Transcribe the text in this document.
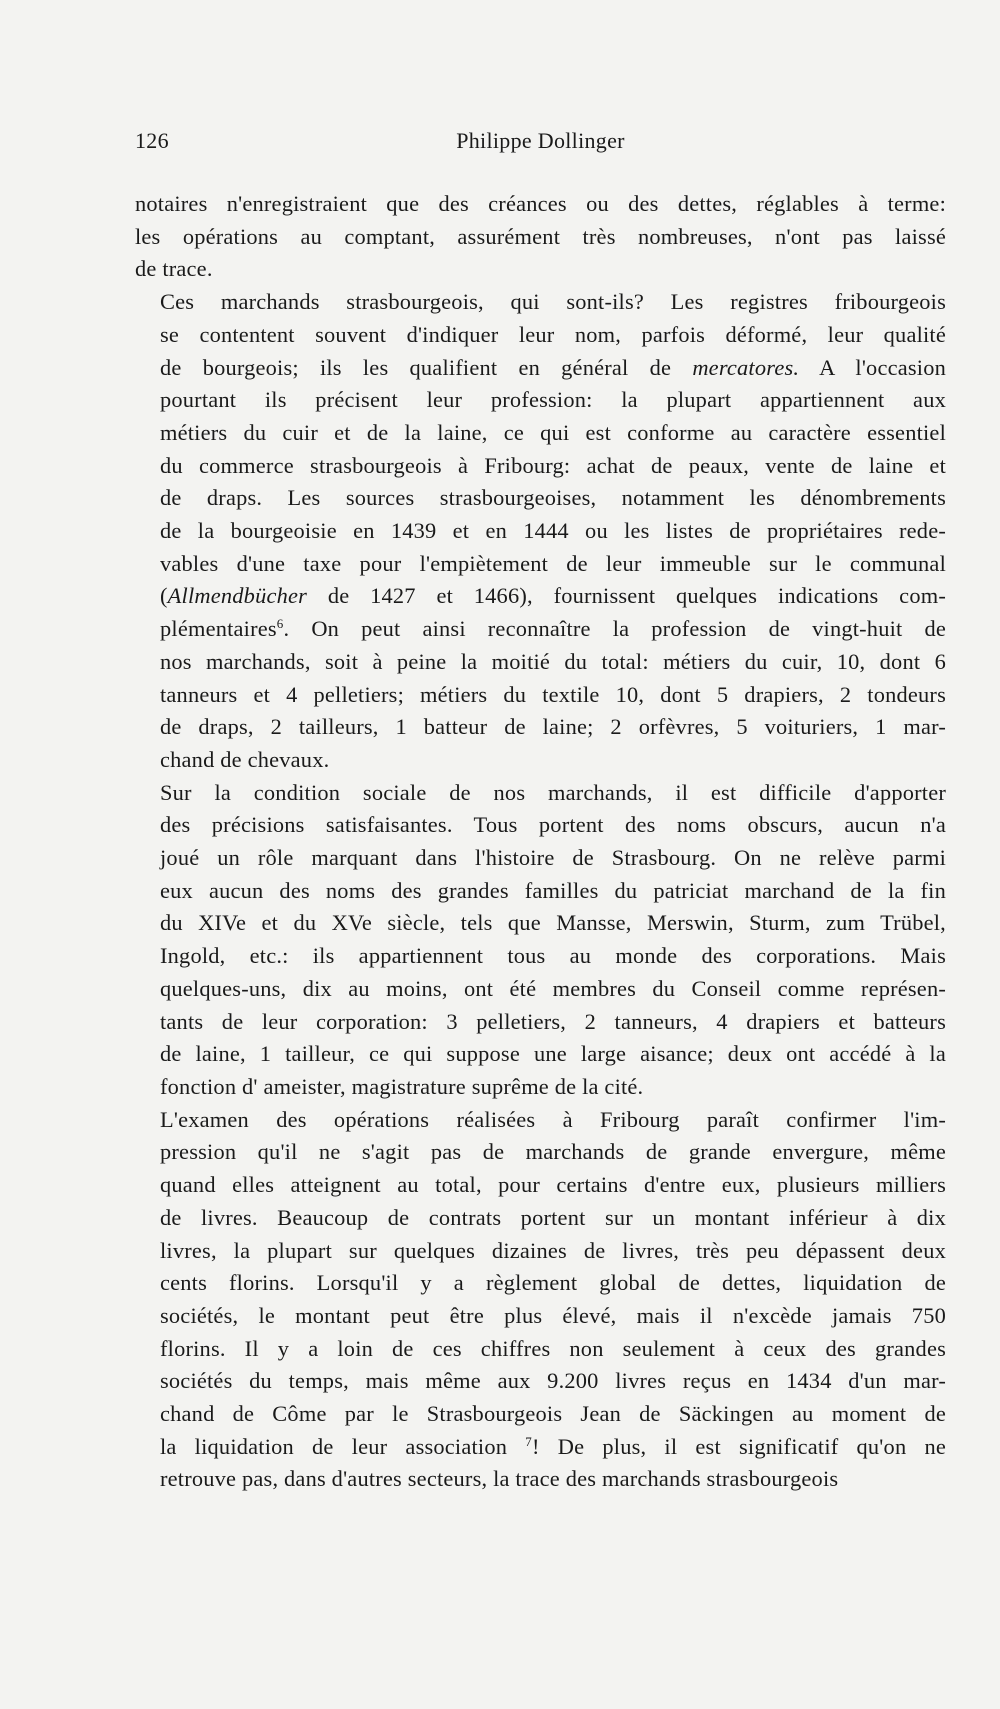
126	Philippe Dollinger

notaires n'enregistraient que des créances ou des dettes, réglables à terme:
les opérations au comptant, assurément très nombreuses, n'ont pas laissé
de trace.

Ces marchands strasbourgeois, qui sont-ils? Les registres fribourgeois
se contentent souvent d'indiquer leur nom, parfois déformé, leur qualité
de bourgeois; ils les qualifient en général de mercatores. A l'occasion
pourtant ils précisent leur profession: la plupart appartiennent aux
métiers du cuir et de la laine, ce qui est conforme au caractère essentiel
du commerce strasbourgeois à Fribourg: achat de peaux, vente de laine et
de draps. Les sources strasbourgeoises, notamment les dénombrements
de la bourgeoisie en 1439 et en 1444 ou les listes de propriétaires rede-
vables d'une taxe pour l'empiètement de leur immeuble sur le communal
(Allmendbücher de 1427 et 1466), fournissent quelques indications com-
plémentaires$^6$. On peut ainsi reconnaître la profession de vingt-huit de
nos marchands, soit à peine la moitié du total: métiers du cuir, 10, dont 6
tanneurs et 4 pelletiers; métiers du textile 10, dont 5 drapiers, 2 tondeurs
de draps, 2 tailleurs, 1 batteur de laine; 2 orfèvres, 5 voituriers, 1 mar-
chand de chevaux.

Sur la condition sociale de nos marchands, il est difficile d'apporter
des précisions satisfaisantes. Tous portent des noms obscurs, aucun n'a
joué un rôle marquant dans l'histoire de Strasbourg. On ne relève parmi
eux aucun des noms des grandes familles du patriciat marchand de la fin
du XIVe et du XVe siècle, tels que Mansse, Merswin, Sturm, zum Trübel,
Ingold, etc.: ils appartiennent tous au monde des corporations. Mais
quelques-uns, dix au moins, ont été membres du Conseil comme représen-
tants de leur corporation: 3 pelletiers, 2 tanneurs, 4 drapiers et batteurs
de laine, 1 tailleur, ce qui suppose une large aisance; deux ont accédé à la
fonction d' ameister, magistrature suprême de la cité.

L'examen des opérations réalisées à Fribourg paraît confirmer l'im-
pression qu'il ne s'agit pas de marchands de grande envergure, même
quand elles atteignent au total, pour certains d'entre eux, plusieurs milliers
de livres. Beaucoup de contrats portent sur un montant inférieur à dix
livres, la plupart sur quelques dizaines de livres, très peu dépassent deux
cents florins. Lorsqu'il y a règlement global de dettes, liquidation de
sociétés, le montant peut être plus élevé, mais il n'excède jamais 750
florins. Il y a loin de ces chiffres non seulement à ceux des grandes
sociétés du temps, mais même aux 9.200 livres reçus en 1434 d'un mar-
chand de Côme par le Strasbourgeois Jean de Säckingen au moment de
la liquidation de leur association $^7$! De plus, il est significatif qu'on ne
retrouve pas, dans d'autres secteurs, la trace des marchands strasbourgeois
